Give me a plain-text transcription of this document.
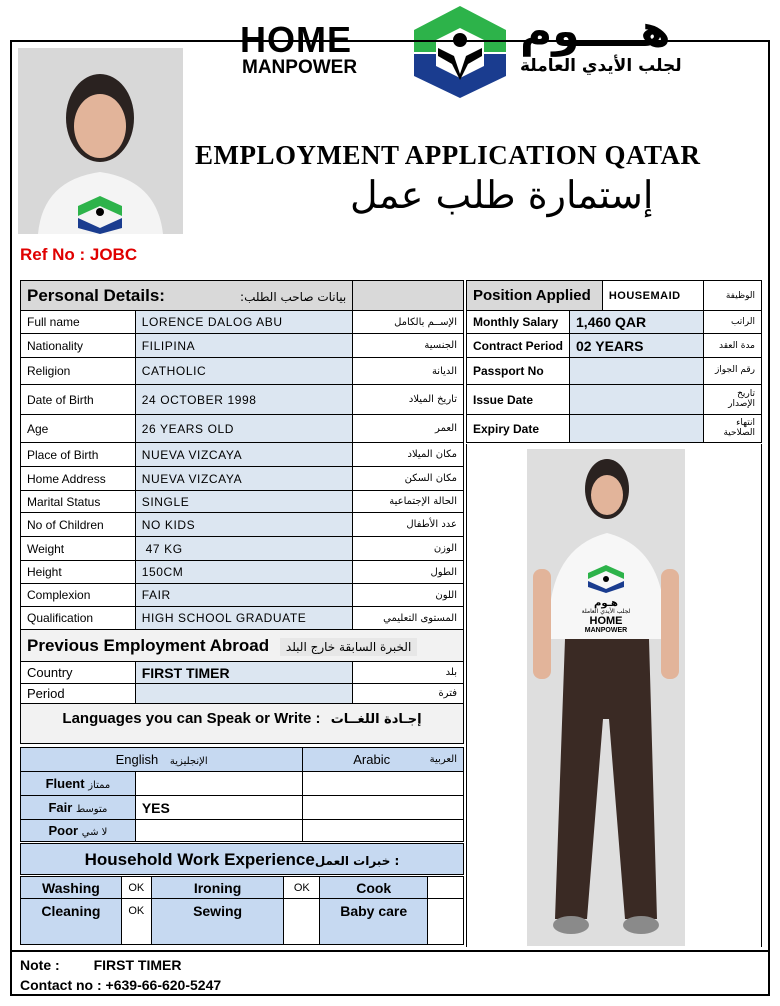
HOME
MANPOWER
هــــوم
لجلب الأيدي العاملة
EMPLOYMENT APPLICATION QATAR
إستمارة طلب عمل
Ref No : JOBC
Personal Details: بيانات صاحب الطلب:		

Full name	LORENCE DALOG ABU	الإســم بالكامل
Nationality	FILIPINA	الجنسية
Religion	CATHOLIC	الديانة
Date of Birth	24 OCTOBER 1998	تاريخ الميلاد
Age	26 YEARS OLD	العمر
Place of Birth	NUEVA VIZCAYA	مكان الميلاد
Home Address	NUEVA VIZCAYA	مكان السكن
Marital Status	SINGLE	الحالة الإجتماعية
No of Children	NO KIDS	عدد الأطفال
Weight	47 KG	الوزن
Height	150CM	الطول
Complexion	FAIR	اللون
Qualification	HIGH SCHOOL GRADUATE	المستوى التعليمي
Previous Employment Abroad الخبرة السابقة خارج البلد		
Country	FIRST TIMER	بلد
Period		فترة
Languages you can Speak or Write : إجـادة اللغــات		
English الإنجليزية		Arabic العربية

Fluent ممتاز		
Fair متوسط	YES	
Poor لا شي		
Household Work Experienceخبرات العمل :
Washing	OK	Ironing	OK	Cook	
Cleaning	OK	Sewing		Baby care	
Position Applied		HOUSEMAID	الوظيفة
Monthly Salary	1,460 QAR		الراتب
Contract Period	02 YEARS		مدة العقد
Passport No			رقم الجواز
Issue Date			تاريخ الإصدار
Expiry Date			انتهاء الصلاحية
هـوم
لجلب الأيدي العاملة
HOME
MANPOWER
Note : FIRST TIMER
Contact no : +639-66-620-5247
